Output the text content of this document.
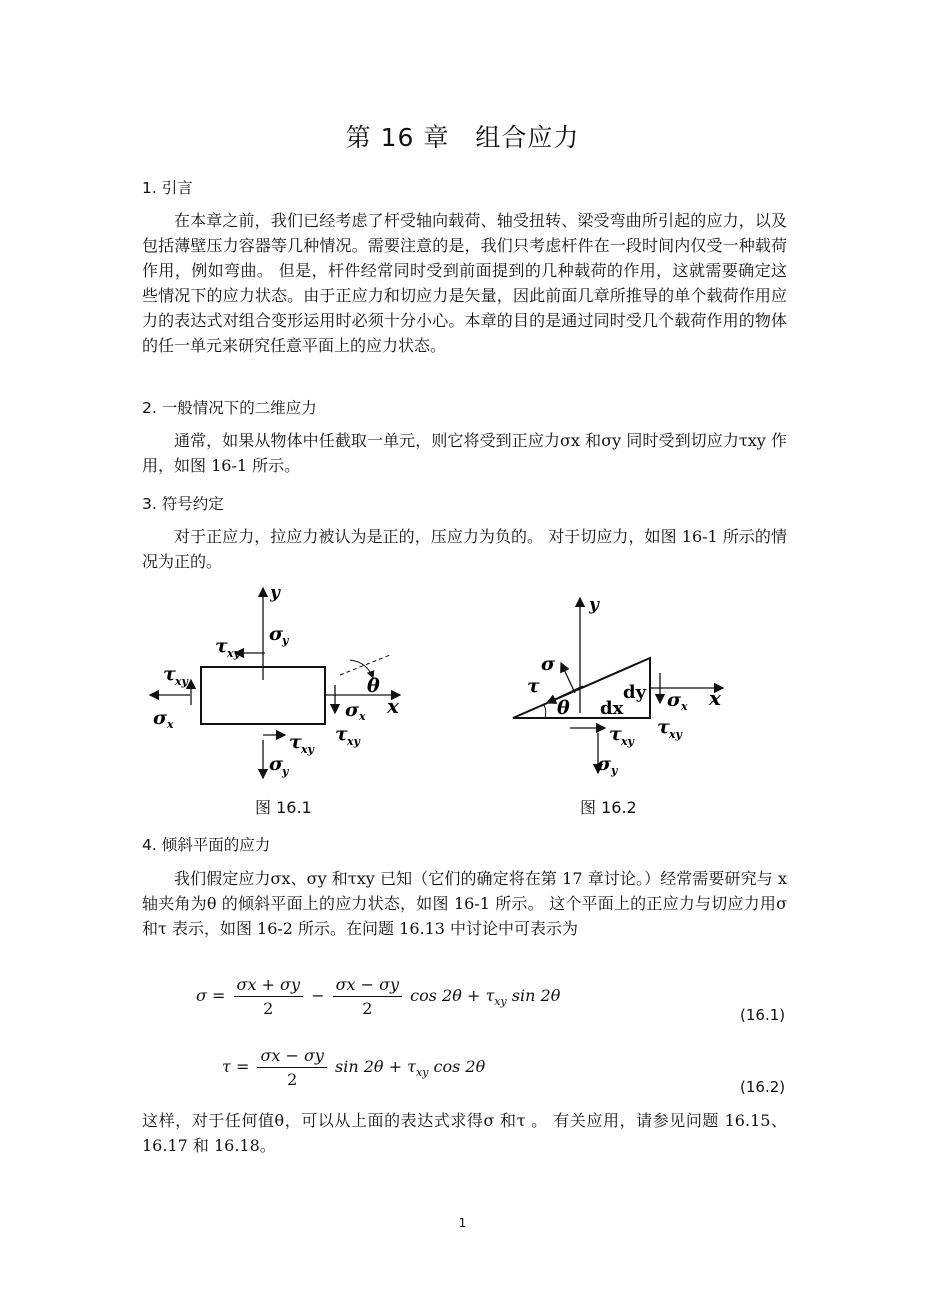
第 16 章　组合应力
1. 引言

在本章之前，我们已经考虑了杆受轴向载荷、轴受扭转、梁受弯曲所引起的应力，以及包括薄壁压力容器等几种情况。需要注意的是，我们只考虑杆件在一段时间内仅受一种载荷作用，例如弯曲。 但是，杆件经常同时受到前面提到的几种载荷的作用，这就需要确定这些情况下的应力状态。由于正应力和切应力是矢量，因此前面几章所推导的单个载荷作用应力的表达式对组合变形运用时必须十分小心。本章的目的是通过同时受几个载荷作用的物体的任一单元来研究任意平面上的应力状态。

2. 一般情况下的二维应力

通常，如果从物体中任截取一单元，则它将受到正应力σx 和σy 同时受到切应力τxy 作用，如图 16-1 所示。

3. 符号约定

对于正应力，拉应力被认为是正的，压应力为负的。 对于切应力，如图 16-1 所示的情况为正的。

y
σ
y
τ xy
τ xy
σ x
σ x x
θ
τ xy
τ xy
σ
y
图 16.1
y
σ
τ
θ dx
dy σ x x
τ xy
τ xy
σ y
图 16.2
4. 倾斜平面的应力

我们假定应力σx、σy 和τxy 已知（它们的确定将在第 17 章讨论。）经常需要研究与 x 轴夹角为θ 的倾斜平面上的应力状态，如图 16-1 所示。 这个平面上的正应力与切应力用σ 和τ 表示，如图 16-2 所示。在问题 16.13 中讨论中可表示为

$\sigma = \frac{\sigma x + \sigma y}{2} - \frac{\sigma x - \sigma y}{2}$ $\cos 2\theta + \tau_{xy}$ sin 2θ
(16.1)
$\tau = \frac{\sigma x - \sigma y}{2}$ $\sin 2\theta + \tau_{xy}$ cos 2θ
(16.2)

这样，对于任何值θ，可以从上面的表达式求得σ 和τ 。 有关应用，请参见问题 16.15、16.17 和 16.18。

1
